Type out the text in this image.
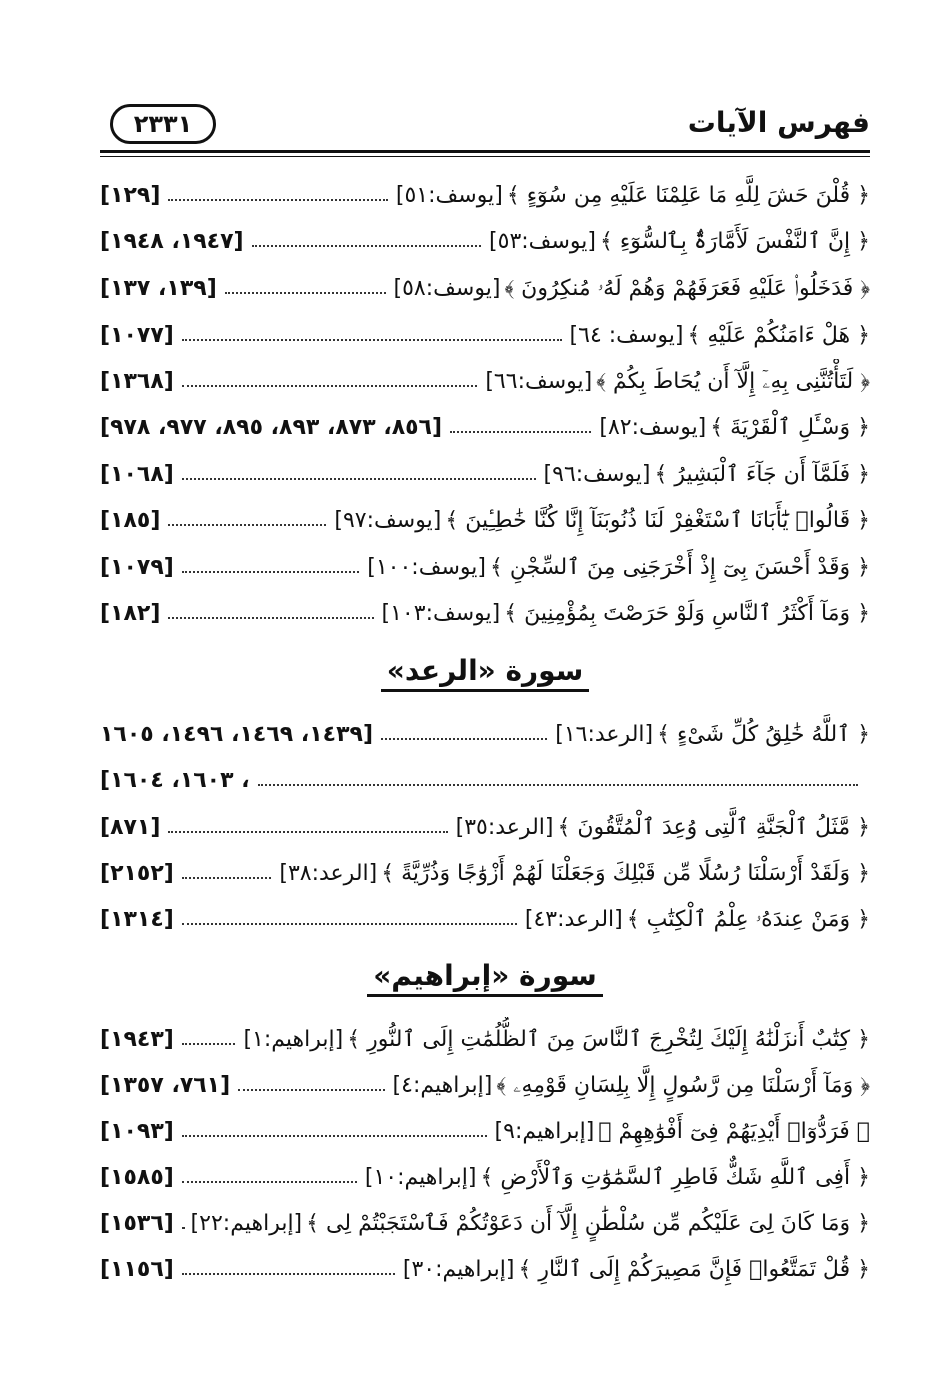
فهرس الآيات
٢٣٣١
﴿ قُلْنَ حَشَ لِلَّهِ مَا عَلِمْنَا عَلَيْهِ مِن سُوٓءٍ ﴾
[يوسف:٥١]
[١٢٩]
﴿ إِنَّ ٱلنَّفْسَ لَأَمَّارَةٌۢ بِٱلسُّوٓءِ ﴾
[يوسف:٥٣]
[١٩٤٧، ١٩٤٨]
﴿ فَدَخَلُوا۟ عَلَيْهِ فَعَرَفَهُمْ وَهُمْ لَهُۥ مُنكِرُونَ ﴾
[يوسف:٥٨]
[١٣٩، ١٣٧]
﴿ هَلْ ءَامَنُكُمْ عَلَيْهِ ﴾
[يوسف: ٦٤]
[١٠٧٧]
﴿ لَتَأْتُنَّنِى بِهِۦٓ إِلَّآ أَن يُحَاطَ بِكُمْ ﴾
[يوسف:٦٦]
[١٣٦٨]
﴿ وَسْـَٔلِ ٱلْقَرْيَةَ ﴾
[يوسف:٨٢]
[٨٥٦، ٨٧٣، ٨٩٣، ٨٩٥، ٩٧٧، ٩٧٨]
﴿ فَلَمَّآ أَن جَآءَ ٱلْبَشِيرُ ﴾
[يوسف:٩٦]
[١٠٦٨]
﴿ قَالُوا۟ يَٰٓأَبَانَا ٱسْتَغْفِرْ لَنَا ذُنُوبَنَآ إِنَّا كُنَّا خَٰطِـِٔينَ ﴾
[يوسف:٩٧]
[١٨٥]
﴿ وَقَدْ أَحْسَنَ بِىٓ إِذْ أَخْرَجَنِى مِنَ ٱلسِّجْنِ ﴾
[يوسف:١٠٠]
[١٠٧٩]
﴿ وَمَآ أَكْثَرُ ٱلنَّاسِ وَلَوْ حَرَصْتَ بِمُؤْمِنِينَ ﴾
[يوسف:١٠٣]
[١٨٢]
سورة «الرعد»
﴿ ٱللَّهُ خَٰلِقُ كُلِّ شَىْءٍ ﴾
[الرعد:١٦]
[١٤٣٩، ١٤٦٩، ١٤٩٦، ١٦٠٥
، ١٦٠٣، ١٦٠٤]
﴿ مَّثَلُ ٱلْجَنَّةِ ٱلَّتِى وُعِدَ ٱلْمُتَّقُونَ ﴾
[الرعد:٣٥]
[٨٧١]
﴿ وَلَقَدْ أَرْسَلْنَا رُسُلًا مِّن قَبْلِكَ وَجَعَلْنَا لَهُمْ أَزْوَٰجًا وَذُرِّيَّةً ﴾
[الرعد:٣٨]
[٢١٥٢]
﴿ وَمَنْ عِندَهُۥ عِلْمُ ٱلْكِتَٰبِ ﴾
[الرعد:٤٣]
[١٣١٤]
سورة «إبراهيم»
﴿ كِتَٰبٌ أَنزَلْنَٰهُ إِلَيْكَ لِتُخْرِجَ ٱلنَّاسَ مِنَ ٱلظُّلُمَٰتِ إِلَى ٱلنُّورِ ﴾
[إبراهيم:١]
[١٩٤٣]
﴿ وَمَآ أَرْسَلْنَا مِن رَّسُولٍ إِلَّا بِلِسَانِ قَوْمِهِۦ ﴾
[إبراهيم:٤]
[٧٦١، ١٣٥٧]
﴿ فَرَدُّوٓا۟ أَيْدِيَهُمْ فِىٓ أَفْوَٰهِهِمْ ﴾
[إبراهيم:٩]
[١٠٩٣]
﴿ أَفِى ٱللَّهِ شَكٌّ فَاطِرِ ٱلسَّمَٰوَٰتِ وَٱلْأَرْضِ ﴾
[إبراهيم:١٠]
[١٥٨٥]
﴿ وَمَا كَانَ لِىَ عَلَيْكُم مِّن سُلْطَٰنٍ إِلَّآ أَن دَعَوْتُكُمْ فَٱسْتَجَبْتُمْ لِى ﴾
[إبراهيم:٢٢]
[١٥٣٦]
﴿ قُلْ تَمَتَّعُوا۟ فَإِنَّ مَصِيرَكُمْ إِلَى ٱلنَّارِ ﴾
[إبراهيم:٣٠]
[١١٥٦]
